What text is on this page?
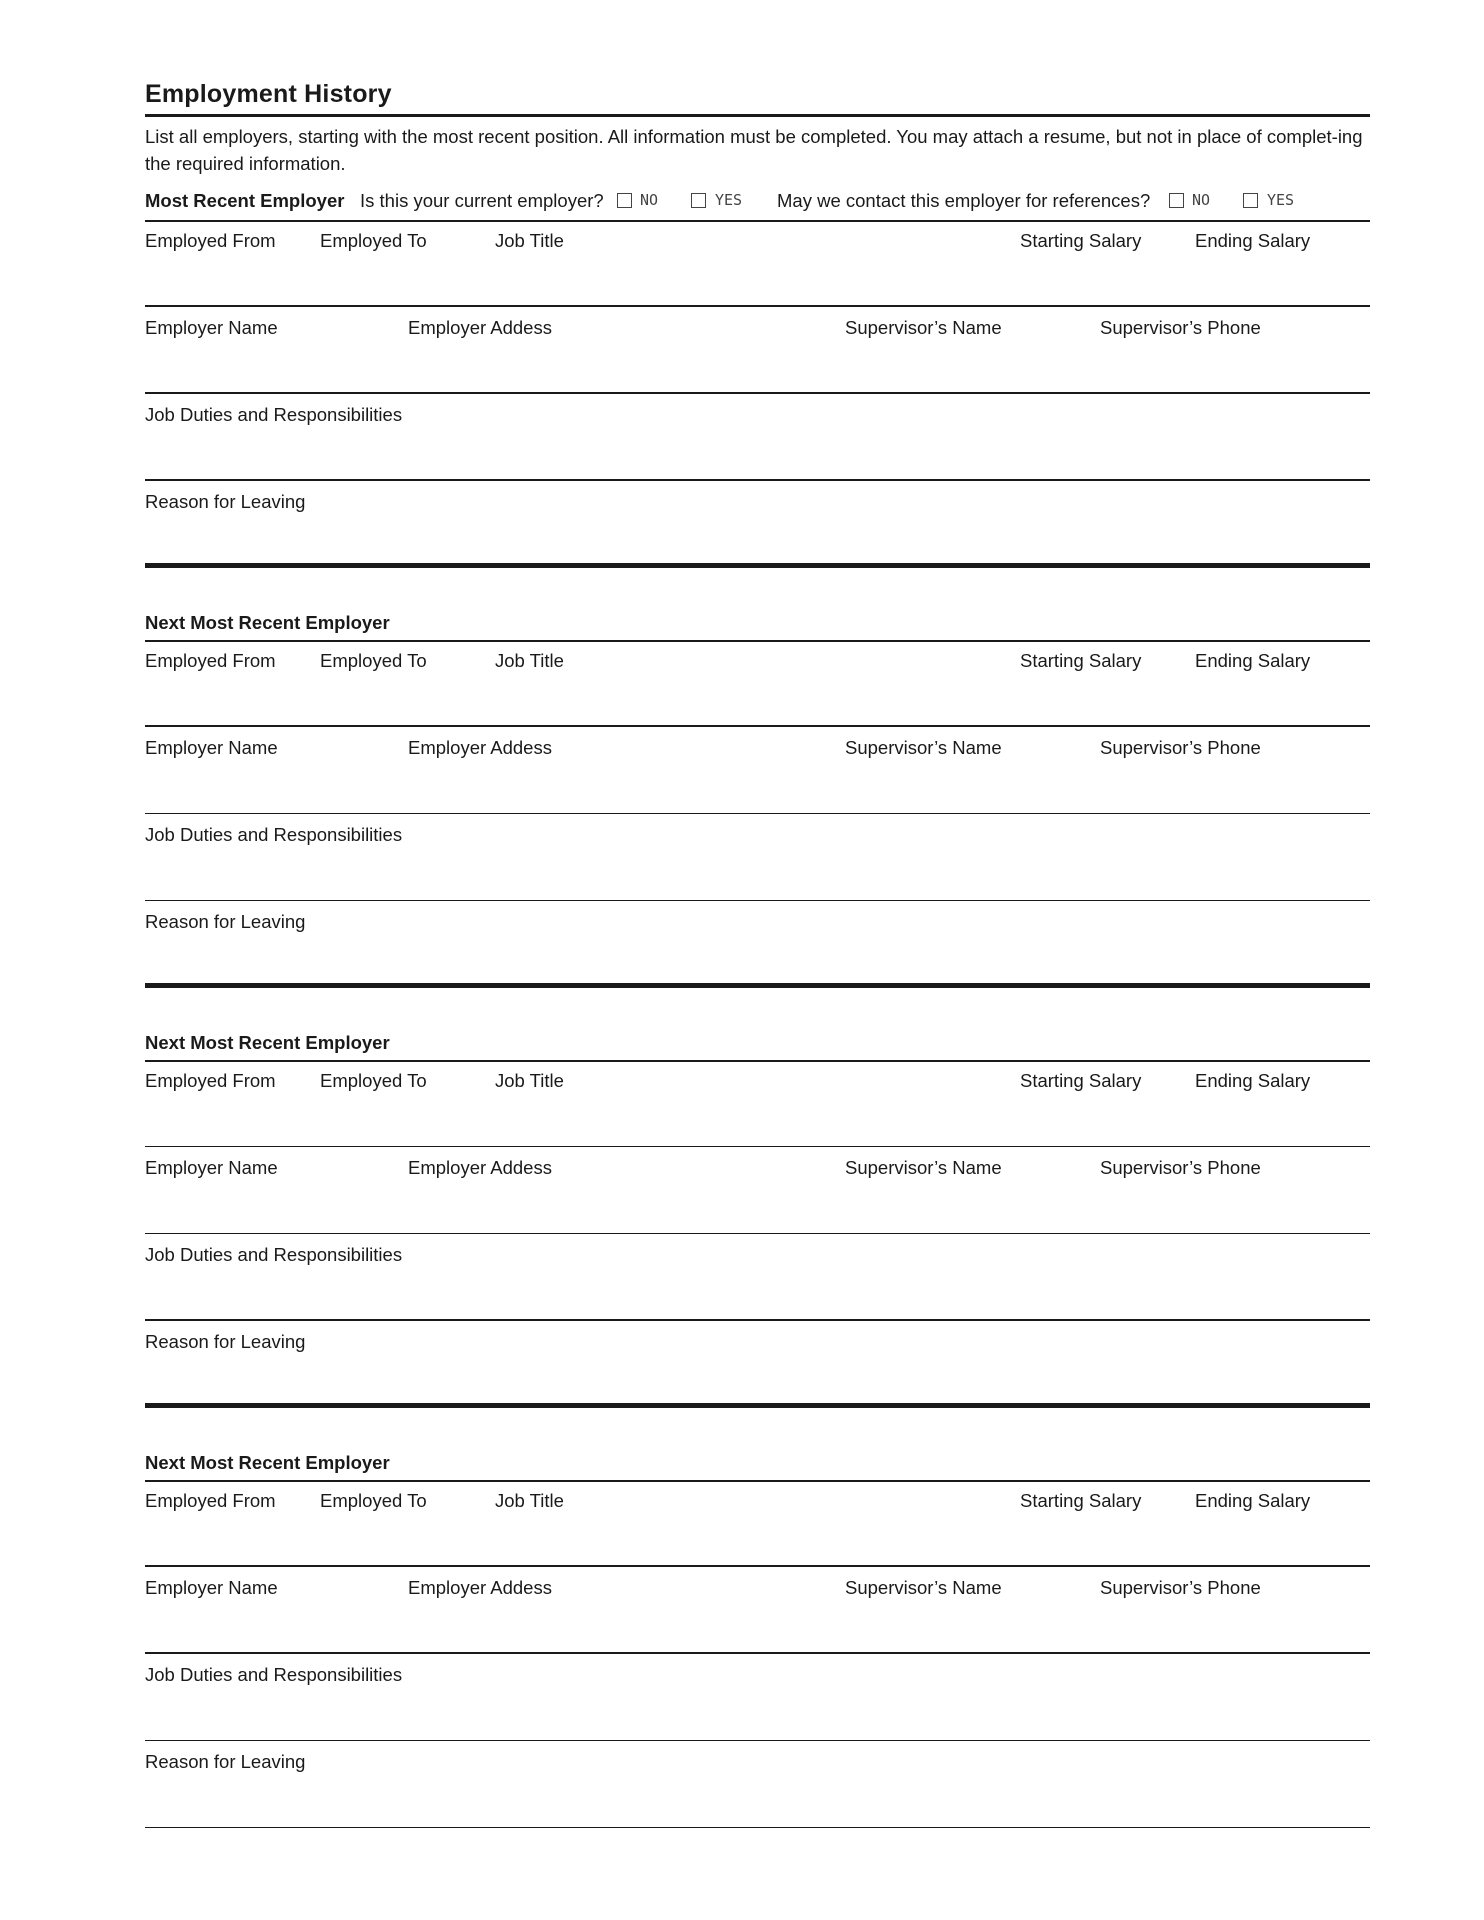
Employment History
List all employers, starting with the most recent position. All information must be completed. You may attach a resume, but not in place of complet-ing the required information.
Most Recent Employer Is this your current employer? NO	YES May we contact this employer for references?	NO	YES
Employed From Employed To	Job Title	Starting Salary	Ending Salary
Employer Name	Employer Addess	Supervisor’s Name	Supervisor’s Phone
Job Duties and Responsibilities
Reason for Leaving
Next Most Recent Employer
Employed From Employed To	Job Title	Starting Salary	Ending Salary
Employer Name	Employer Addess	Supervisor’s Name	Supervisor’s Phone
Job Duties and Responsibilities
Reason for Leaving
Next Most Recent Employer
Employed From Employed To	Job Title	Starting Salary	Ending Salary
Employer Name	Employer Addess	Supervisor’s Name	Supervisor’s Phone
Job Duties and Responsibilities
Reason for Leaving
Next Most Recent Employer
Employed From Employed To	Job Title	Starting Salary	Ending Salary
Employer Name	Employer Addess	Supervisor’s Name	Supervisor’s Phone
Job Duties and Responsibilities
Reason for Leaving
